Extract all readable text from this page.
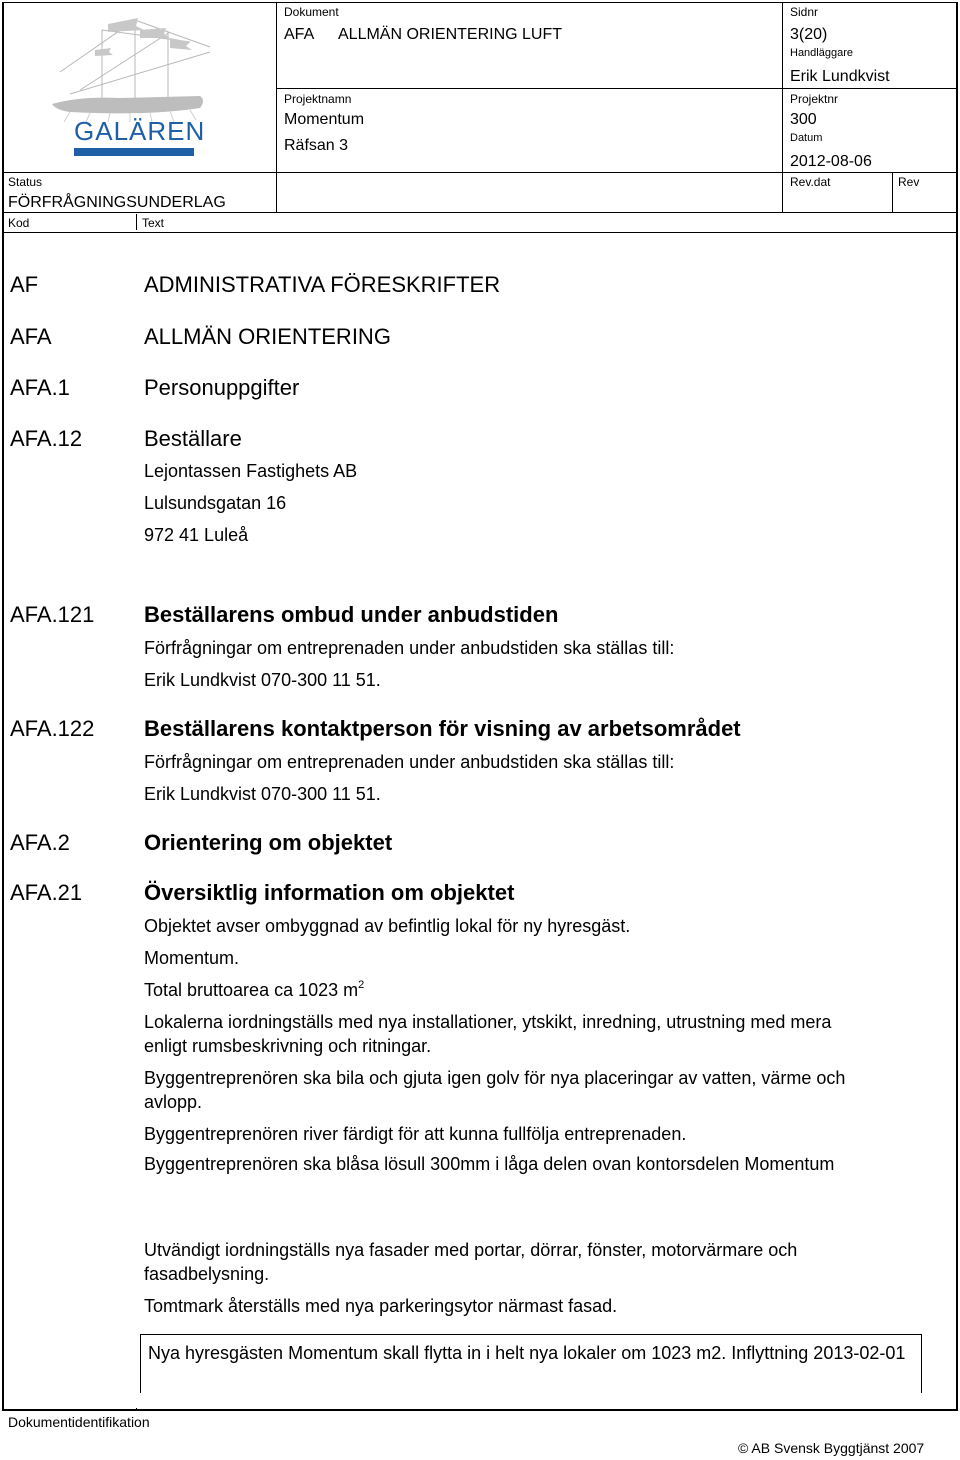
GALÄREN
Dokument
AFA ALLMÄN ORIENTERING LUFT
Sidnr
3(20)
Handläggare
Erik Lundkvist
Projektnamn
Momentum
Räfsan 3
Projektnr
300
Datum
2012-08-06
Status
FÖRFRÅGNINGSUNDERLAG
Rev.dat	Rev
Kod	Text
AF	ADMINISTRATIVA FÖRESKRIFTER
AFA	ALLMÄN ORIENTERING
AFA.1	Personuppgifter
AFA.12	Beställare
Lejontassen Fastighets AB
Lulsundsgatan 16
972 41 Luleå
AFA.121 Beställarens ombud under anbudstiden
Förfrågningar om entreprenaden under anbudstiden ska ställas till:
Erik Lundkvist 070-300 11 51.
AFA.122 Beställarens kontaktperson för visning av arbetsområdet
Förfrågningar om entreprenaden under anbudstiden ska ställas till:
Erik Lundkvist 070-300 11 51.
AFA.2	Orientering om objektet
AFA.21	Översiktlig information om objektet
Objektet avser ombyggnad av befintlig lokal för ny hyresgäst.
Momentum.
Total bruttoarea ca 1023 $m^2$
Lokalerna iordningställs med nya installationer, ytskikt, inredning, utrustning med mera enligt rumsbeskrivning och ritningar.
Byggentreprenören ska bila och gjuta igen golv för nya placeringar av vatten, värme och avlopp.
Byggentreprenören river färdigt för att kunna fullfölja entreprenaden.
Byggentreprenören ska blåsa lösull 300mm i låga delen ovan kontorsdelen Momentum
Utvändigt iordningställs nya fasader med portar, dörrar, fönster, motorvärmare och fasadbelysning.
Tomtmark återställs med nya parkeringsytor närmast fasad.
Nya hyresgästen Momentum skall flytta in i helt nya lokaler om 1023 m2. Inflyttning 2013-02-01
Dokumentidentifikation
© AB Svensk Byggtjänst 2007
